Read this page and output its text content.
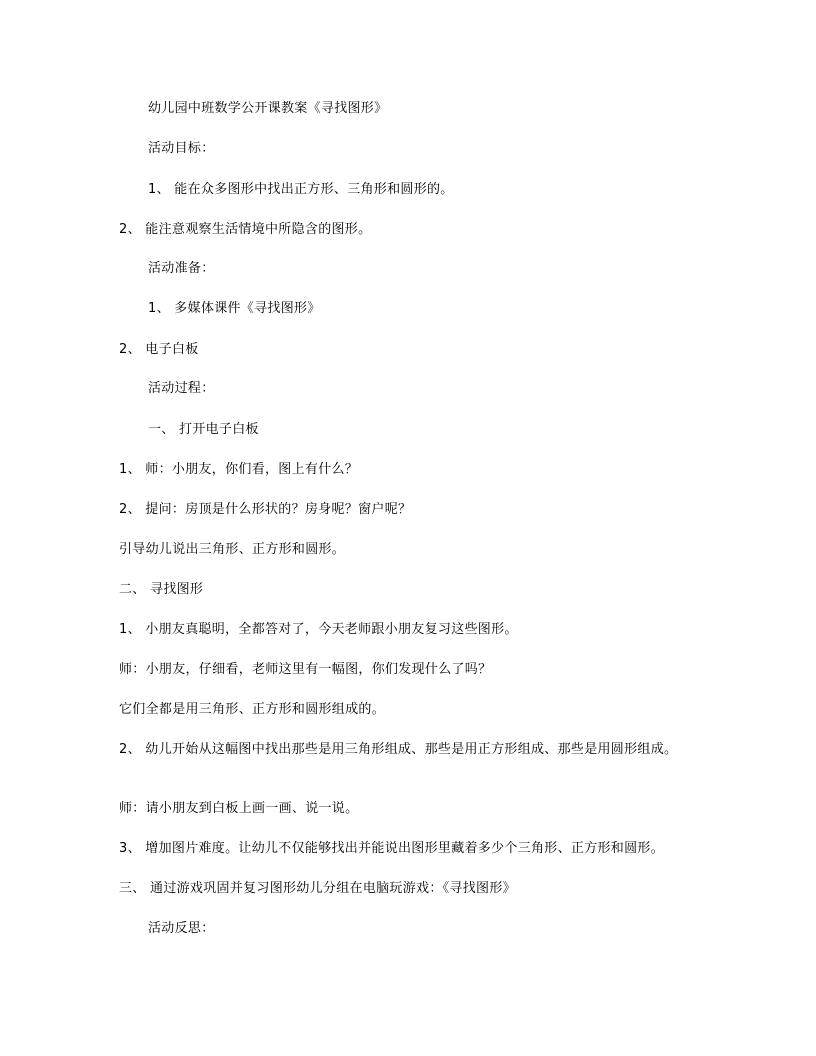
幼儿园中班数学公开课教案《寻找图形》
活动目标：
1、 能在众多图形中找出正方形、三角形和圆形的。
2、 能注意观察生活情境中所隐含的图形。
活动准备：
1、 多媒体课件《寻找图形》
2、 电子白板
活动过程：
一、 打开电子白板
1、 师：小朋友，你们看，图上有什么？
2、 提问：房顶是什么形状的？房身呢？窗户呢？
引导幼儿说出三角形、正方形和圆形。
二、 寻找图形
1、 小朋友真聪明，全都答对了，今天老师跟小朋友复习这些图形。
师：小朋友，仔细看，老师这里有一幅图，你们发现什么了吗？
它们全都是用三角形、正方形和圆形组成的。
2、 幼儿开始从这幅图中找出那些是用三角形组成、那些是用正方形组成、那些是用圆形组成。
师：请小朋友到白板上画一画、说一说。
3、 增加图片难度。让幼儿不仅能够找出并能说出图形里藏着多少个三角形、正方形和圆形。
三、 通过游戏巩固并复习图形幼儿分组在电脑玩游戏：《寻找图形》
活动反思：
